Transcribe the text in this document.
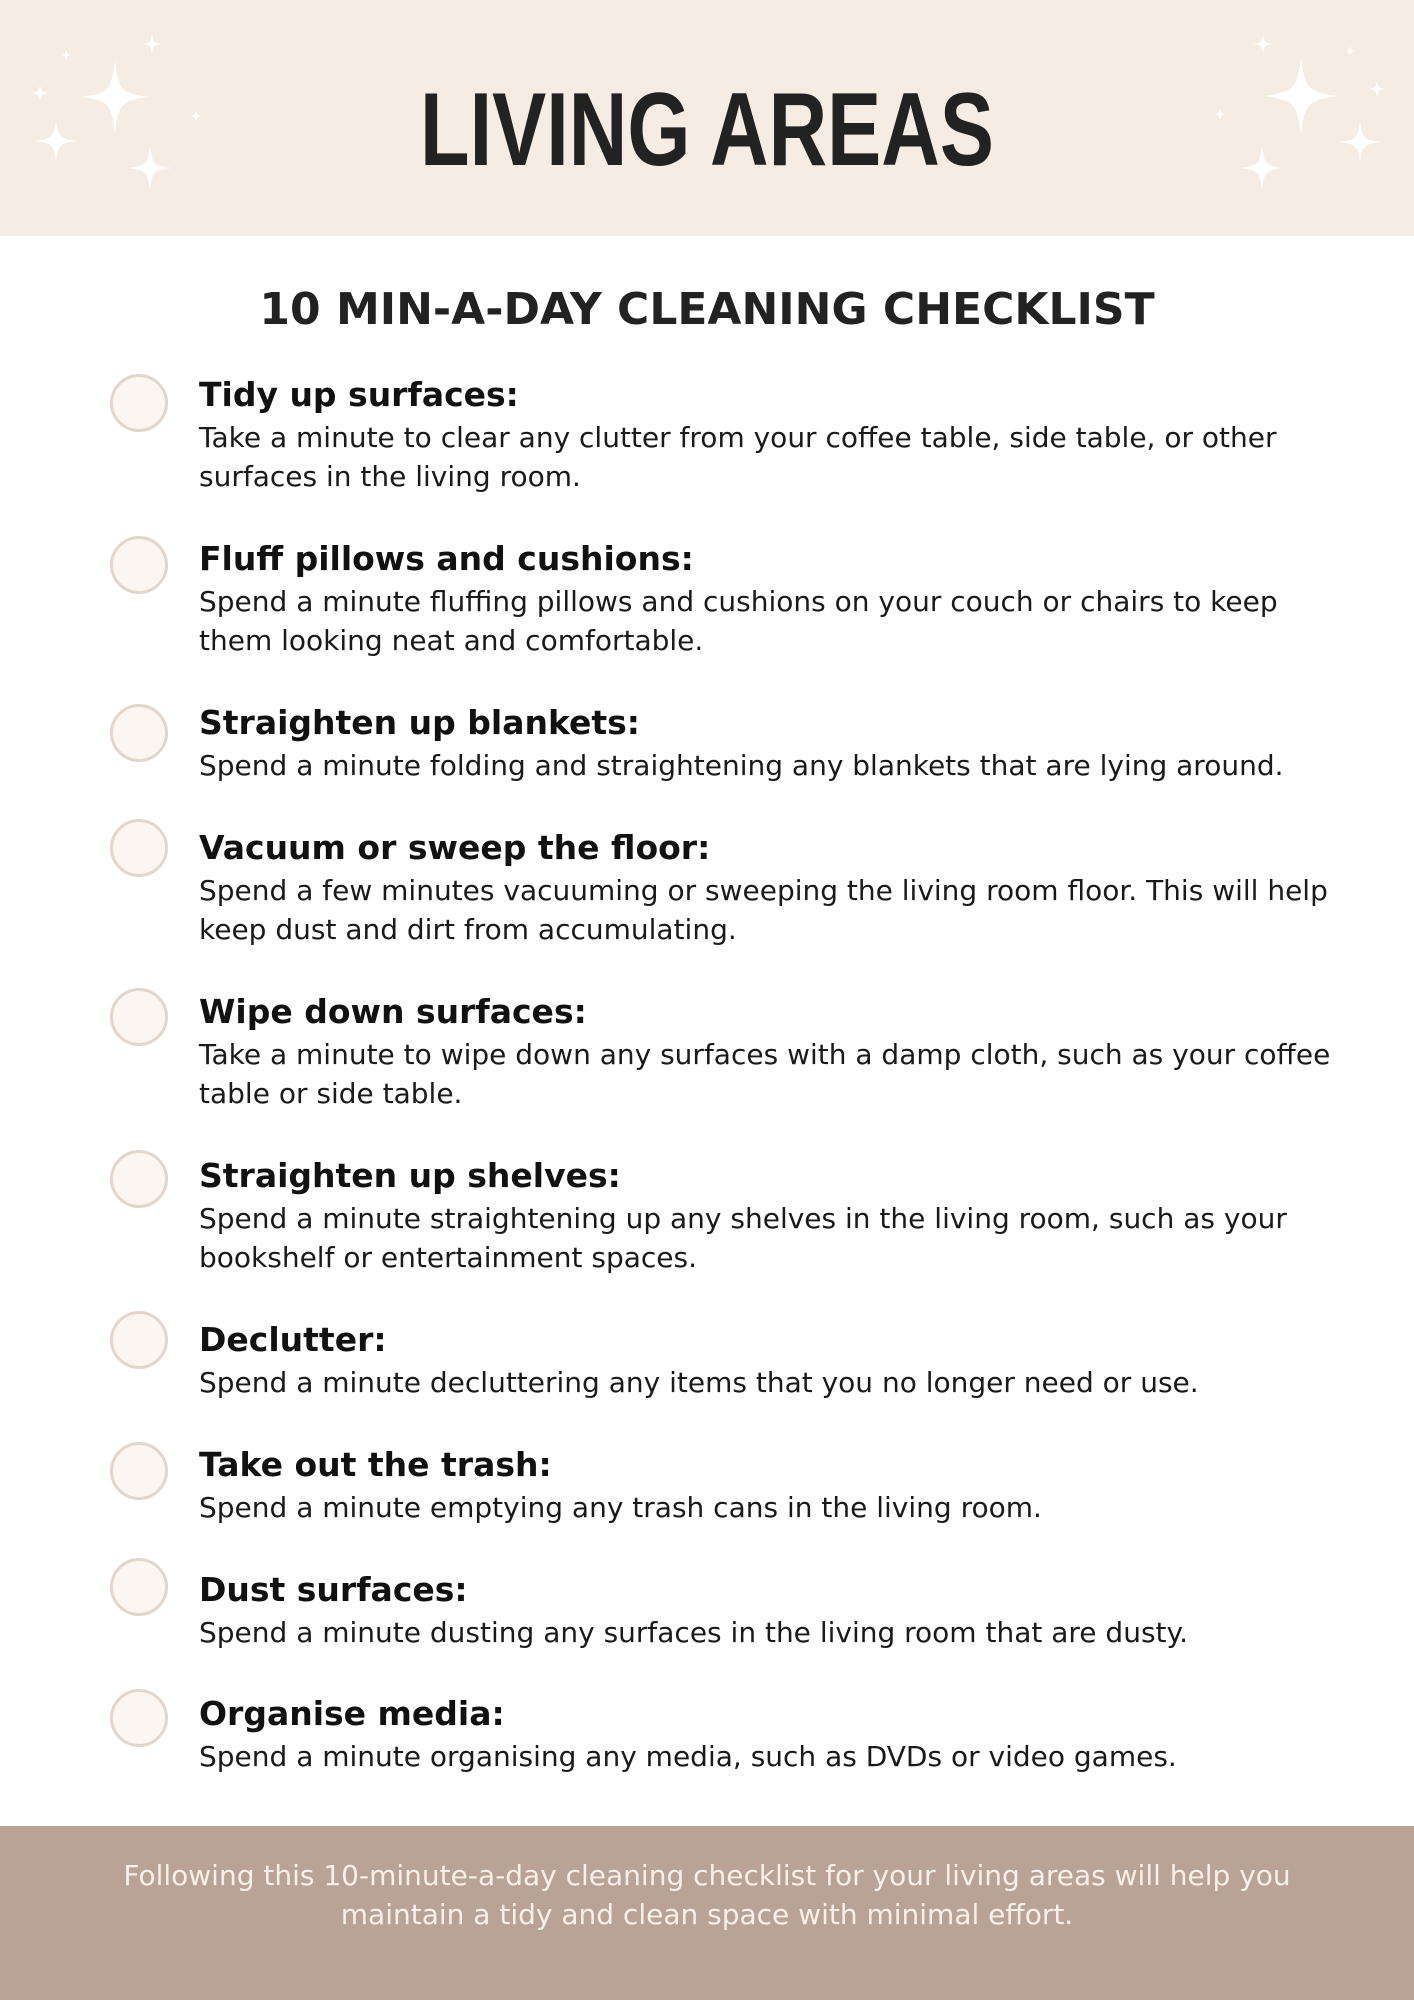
LIVING AREAS
10 MIN-A-DAY CLEANING CHECKLIST
Tidy up surfaces:
Take a minute to clear any clutter from your coffee table, side table, or other surfaces in the living room.
Fluff pillows and cushions:
Spend a minute fluffing pillows and cushions on your couch or chairs to keep them looking neat and comfortable.
Straighten up blankets:
Spend a minute folding and straightening any blankets that are lying around.
Vacuum or sweep the floor:
Spend a few minutes vacuuming or sweeping the living room floor. This will help keep dust and dirt from accumulating.
Wipe down surfaces:
Take a minute to wipe down any surfaces with a damp cloth, such as your coffee table or side table.
Straighten up shelves:
Spend a minute straightening up any shelves in the living room, such as your bookshelf or entertainment spaces.
Declutter:
Spend a minute decluttering any items that you no longer need or use.
Take out the trash:
Spend a minute emptying any trash cans in the living room.
Dust surfaces:
Spend a minute dusting any surfaces in the living room that are dusty.
Organise media:
Spend a minute organising any media, such as DVDs or video games.
Following this 10-minute-a-day cleaning checklist for your living areas will help you maintain a tidy and clean space with minimal effort.
